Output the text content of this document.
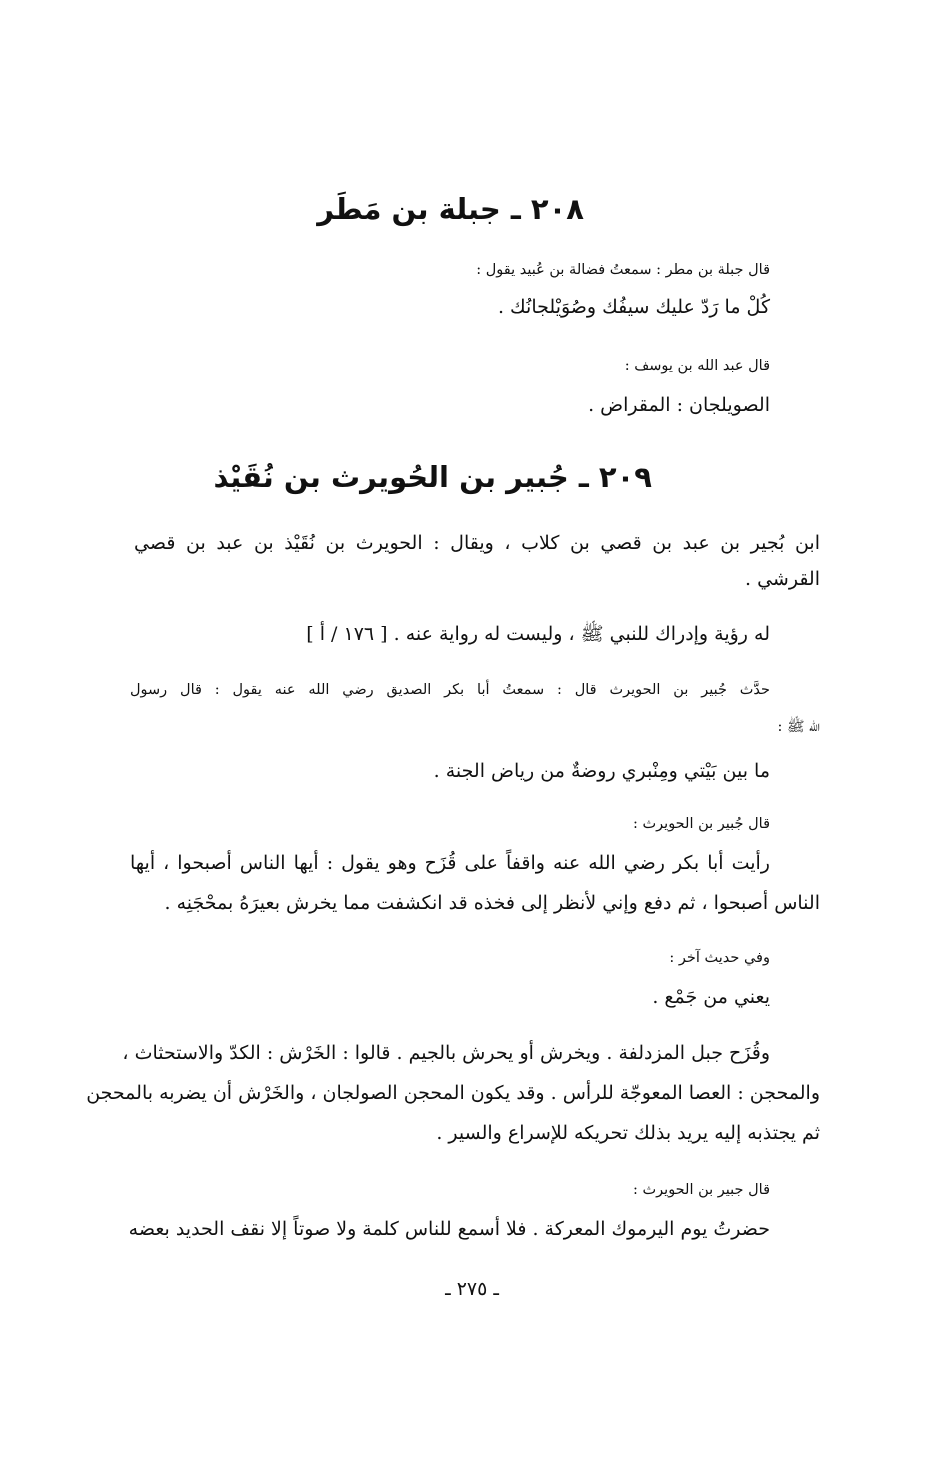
٢٠٨ ـ جبلة بن مَطَر
قال جبلة بن مطر : سمعتُ فضالة بن عُبيد يقول :
كُلْ ما رَدّ عليك سيفُك وصُوَيْلجانُك .
قال عبد الله بن يوسف :
الصويلجان : المقراض .
٢٠٩ ـ جُبير بن الحُويرث بن نُقَيْذ
ابن بُجير بن عبد بن قصي بن كلاب ، ويقال : الحويرث بن نُقَيْذ بن عبد بن قصي
القرشي .
له رؤية وإدراك للنبي ﷺ ، وليست له رواية عنه . [ ١٧٦ / أ ]
حدَّث جُبير بن الحويرث قال : سمعتُ أبا بكر الصديق رضي الله عنه يقول : قال رسول
الله ﷺ :
ما بين بَيْتي ومِنْبري روضةٌ من رياض الجنة .
قال جُبير بن الحويرث :
رأيت أبا بكر رضي الله عنه واقفاً على قُزَح وهو يقول : أيها الناس أصبحوا ، أيها
الناس أصبحوا ، ثم دفع وإني لأنظر إلى فخذه قد انكشفت مما يخرش بعيرَهُ بمحْجَنِه .
وفي حديث آخر :
يعني من جَمْع .
وقُزَح جبل المزدلفة . ويخرش أو يحرش بالجيم . قالوا : الخَرْش : الكدّ والاستحثاث ،
والمحجن : العصا المعوجّة للرأس . وقد يكون المحجن الصولجان ، والخَرْش أن يضربه بالمحجن
ثم يجتذبه إليه يريد بذلك تحريكه للإسراع والسير .
قال جبير بن الحويرث :
حضرتُ يوم اليرموك المعركة . فلا أسمع للناس كلمة ولا صوتاً إلا نقف الحديد بعضه
ـ ٢٧٥ ـ
